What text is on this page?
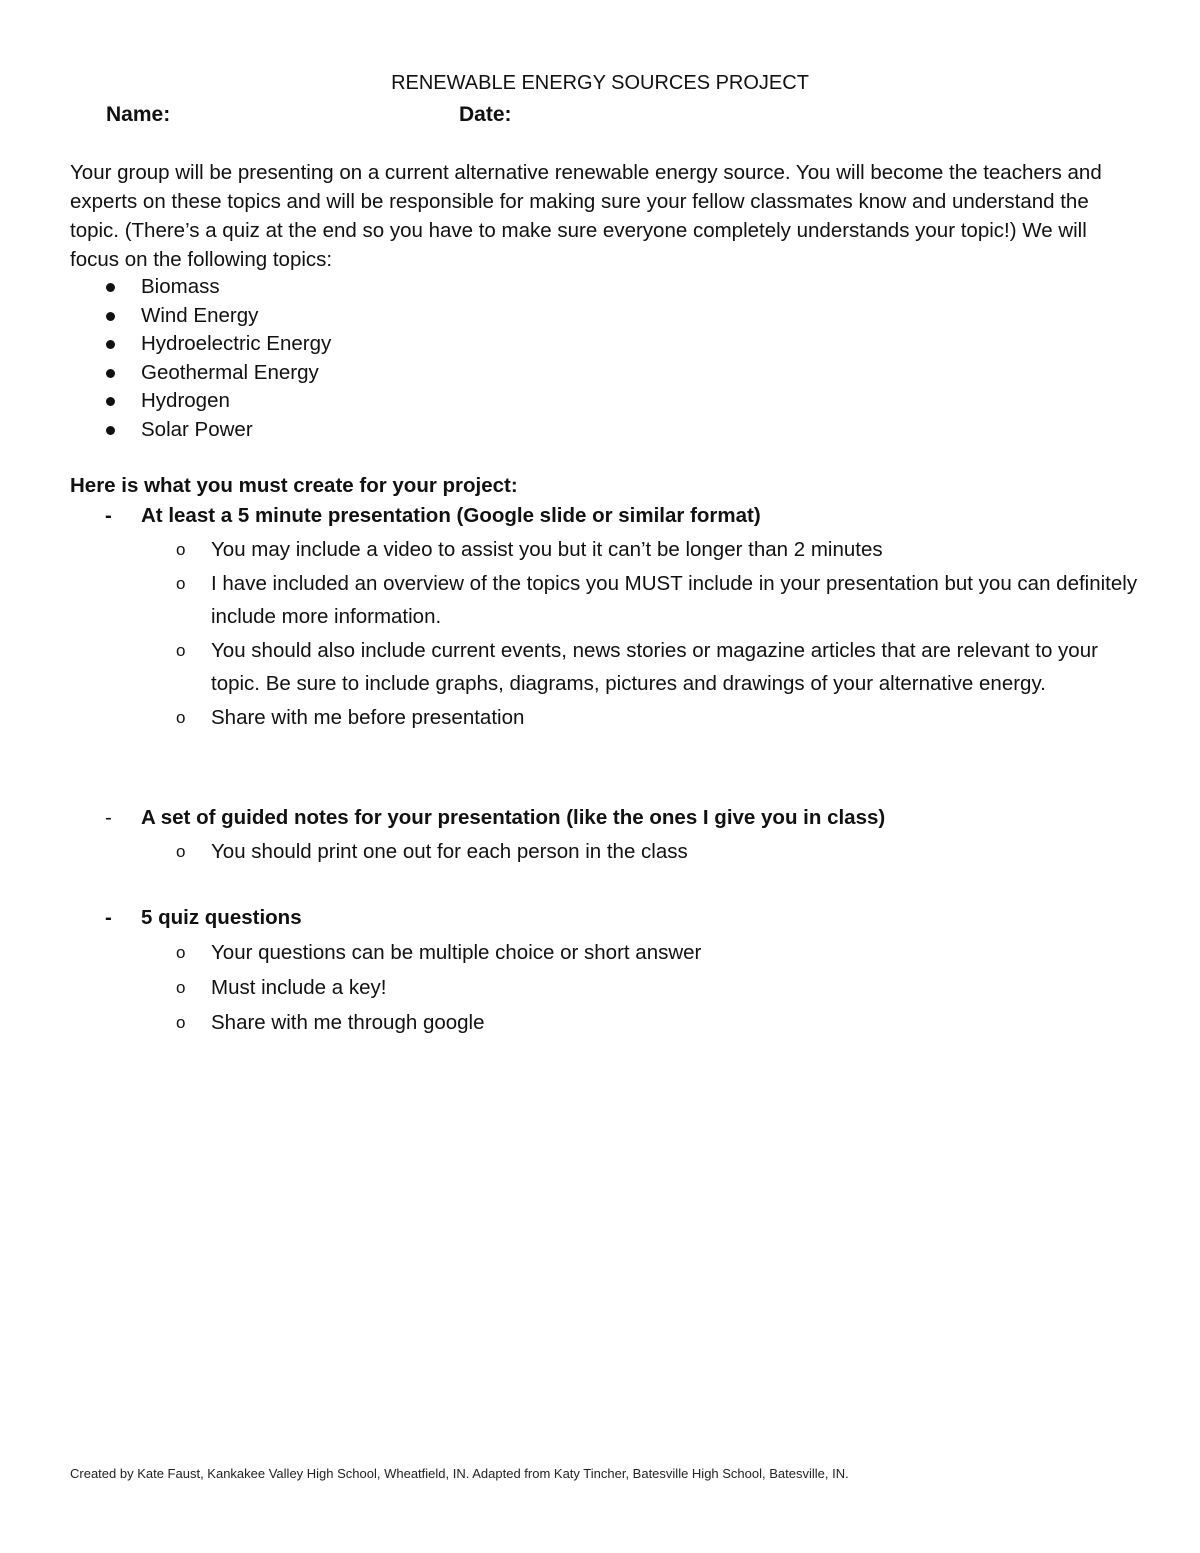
RENEWABLE ENERGY SOURCES PROJECT
Name:	Date:

Your group will be presenting on a current alternative renewable energy source. You will become the teachers and experts on these topics and will be responsible for making sure your fellow classmates know and understand the topic. (There’s a quiz at the end so you have to make sure everyone completely understands your topic!) We will focus on the following topics:

Biomass
Wind Energy
Hydroelectric Energy
Geothermal Energy
Hydrogen
Solar Power
Here is what you must create for your project:
- At least a 5 minute presentation (Google slide or similar format)
o You may include a video to assist you but it can’t be longer than 2 minutes
o I have included an overview of the topics you MUST include in your presentation but you can definitely include more information.
o You should also include current events, news stories or magazine articles that are relevant to your topic. Be sure to include graphs, diagrams, pictures and drawings of your alternative energy.
o Share with me before presentation
- A set of guided notes for your presentation (like the ones I give you in class)
o You should print one out for each person in the class
- 5 quiz questions
o Your questions can be multiple choice or short answer
o Must include a key!
o Share with me through google
Created by Kate Faust, Kankakee Valley High School, Wheatfield, IN. Adapted from Katy Tincher, Batesville High School, Batesville, IN.
